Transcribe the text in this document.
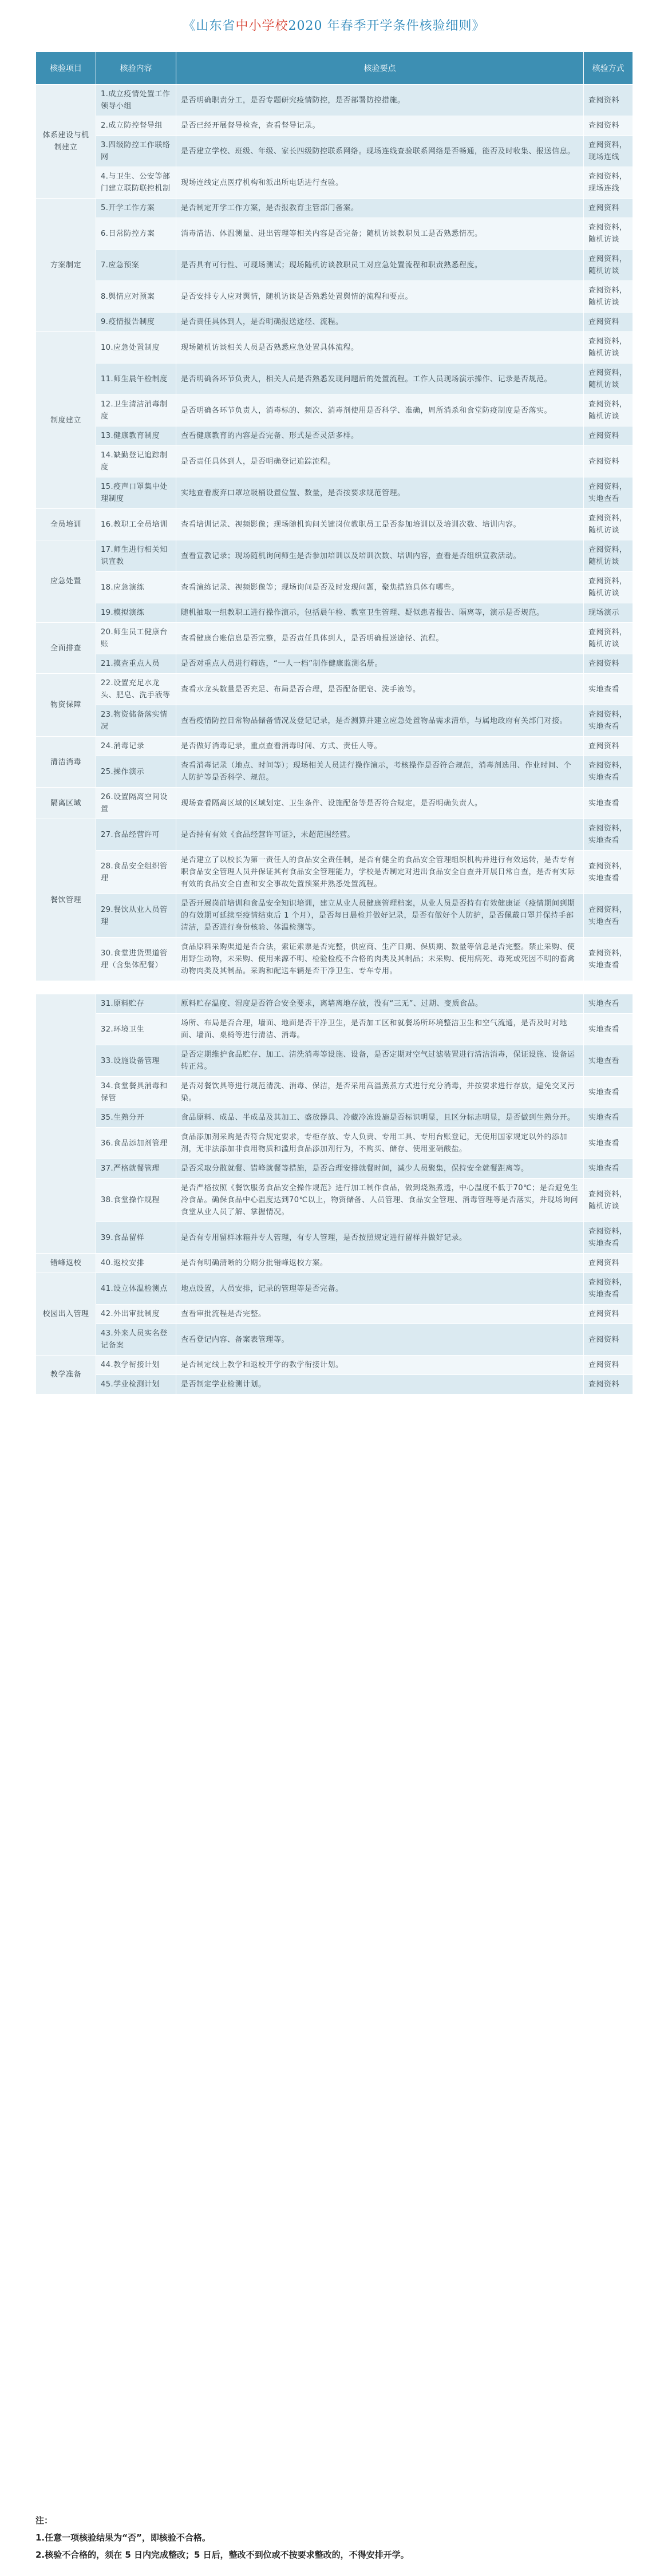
《山东省中小学校2020 年春季开学条件核验细则》
核验项目	核验内容	核验要点	核验方式
体系建设与机制建立	1.成立疫情处置工作领导小组	是否明确职责分工，是否专题研究疫情防控，是否部署防控措施。	查阅资料
	2.成立防控督导组	是否已经开展督导检查，查看督导记录。	查阅资料
	3.四级防控工作联络网	是否建立学校、班级、年级、家长四级防控联系网络。现场连线查验联系网络是否畅通，能否及时收集、报送信息。	查阅资料，现场连线
	4.与卫生、公安等部门建立联防联控机制	现场连线定点医疗机构和派出所电话进行查验。	查阅资料，现场连线
方案制定	5.开学工作方案	是否制定开学工作方案，是否报教育主管部门备案。	查阅资料
	6.日常防控方案	消毒清洁、体温测量、进出管理等相关内容是否完备；随机访谈教职员工是否熟悉情况。	查阅资料，随机访谈
	7.应急预案	是否具有可行性、可现场测试；现场随机访谈教职员工对应急处置流程和职责熟悉程度。	查阅资料，随机访谈
	8.舆情应对预案	是否安排专人应对舆情，随机访谈是否熟悉处置舆情的流程和要点。	查阅资料，随机访谈
	9.疫情报告制度	是否责任具体到人，是否明确报送途径、流程。	查阅资料
制度建立	10.应急处置制度	现场随机访谈相关人员是否熟悉应急处置具体流程。	查阅资料，随机访谈
	11.师生晨午检制度	是否明确各环节负责人，相关人员是否熟悉发现问题后的处置流程。工作人员现场演示操作、记录是否规范。	查阅资料，随机访谈
	12.卫生清洁消毒制度	是否明确各环节负责人，消毒标的、频次、消毒剂使用是否科学、准确，周所消杀和食堂防疫制度是否落实。	查阅资料，随机访谈
	13.健康教育制度	查看健康教育的内容是否完备、形式是否灵活多样。	查阅资料
	14.缺勤登记追踪制度	是否责任具体到人，是否明确登记追踪流程。	查阅资料
	15.疫声口罩集中处理制度	实地查看废弃口罩垃圾桶设置位置、数量，是否按要求规范管理。	查阅资料，实地查看
全员培训	16.教职工全员培训	查看培训记录、视频影像；现场随机询问关键岗位教职员工是否参加培训以及培训次数、培训内容。	查阅资料，随机访谈
应急处置	17.师生进行相关知识宣教	查看宣教记录；现场随机询问师生是否参加培训以及培训次数、培训内容，查看是否组织宣教活动。	查阅资料，随机访谈
	18.应急演练	查看演练记录、视频影像等；现场询问是否及时发现问题，聚焦措施具体有哪些。	查阅资料，随机访谈
	19.模拟演练	随机抽取一组教职工进行操作演示，包括晨午检、教室卫生管理、疑似患者报告、隔离等，演示是否规范。	现场演示
全面排查	20.师生员工健康台账	查看健康台账信息是否完整，是否责任具体到人，是否明确报送途径、流程。	查阅资料，随机访谈
	21.摸查重点人员	是否对重点人员进行筛选，“一人一档”制作健康监测名册。	查阅资料
物资保障	22.设置充足水龙头、肥皂、洗手液等	查看水龙头数量是否充足、布局是否合理，是否配备肥皂、洗手液等。	实地查看
	23.物资储备落实情况	查看疫情防控日常物品储备情况及登记记录，是否测算并建立应急处置物品需求清单，与属地政府有关部门对接。	查阅资料，实地查看
清洁消毒	24.消毒记录	是否做好消毒记录，重点查看消毒时间、方式、责任人等。	查阅资料
	25.操作演示	查看消毒记录（地点、时间等）；现场相关人员进行操作演示，考核操作是否符合规范，消毒剂选用、作业时间、个人防护等是否科学、规范。	查阅资料，实地查看
隔离区域	26.设置隔离空间设置	现场查看隔离区域的区域划定、卫生条件、设施配备等是否符合规定，是否明确负责人。	实地查看
餐饮管理	27.食品经营许可	是否持有有效《食品经营许可证》，未超范围经营。	查阅资料，实地查看
	28.食品安全组织管理	是否建立了以校长为第一责任人的食品安全责任制，是否有健全的食品安全管理组织机构并进行有效运转，是否专有职食品安全管理人员并保证其有食品安全管理能力，学校是否制定对进出食品安全自查并开展日常自查，是否有实际有效的食品安全自查和安全事故处置预案并熟悉处置流程。	查阅资料，实地查看
	29.餐饮从业人员管理	是否开展岗前培训和食品安全知识培训，建立从业人员健康管理档案，从业人员是否持有有效健康证（疫情期间到期的有效期可延续至疫情结束后 1 个月），是否每日晨检并做好记录，是否有做好个人防护，是否佩戴口罩并保持手部清洁，是否进行身份核验、体温检测等。	查阅资料，实地查看
	30.食堂进货渠道管理（含集体配餐）	食品原料采购渠道是否合法，索证索票是否完整，供应商、生产日期、保质期、数量等信息是否完整。禁止采购、使用野生动物，未采购、使用来源不明、检验检疫不合格的肉类及其制品；未采购、使用病死、毒死或死因不明的畜禽动物肉类及其制品。采购和配送车辆是否干净卫生、专车专用。	查阅资料，实地查看

	31.原料贮存	原料贮存温度、湿度是否符合安全要求，离墙离地存放，没有“三无”、过期、变质食品。	实地查看
	32.环境卫生	场所、布局是否合理，墙面、地面是否干净卫生，是否加工区和就餐场所环境整洁卫生和空气流通，是否及时对地面、墙面、桌椅等进行清洁、消毒。	实地查看
	33.设施设备管理	是否定期维护食品贮存、加工、清洗消毒等设施、设备，是否定期对空气过滤装置进行清洁消毒，保证设施、设备运转正常。	实地查看
	34.食堂餐具消毒和保管	是否对餐饮具等进行规范清洗、消毒、保洁，是否采用高温蒸煮方式进行充分消毒，并按要求进行存放，避免交叉污染。	实地查看
	35.生熟分开	食品原料、成品、半成品及其加工、盛放器具、冷藏冷冻设施是否标识明显，且区分标志明显，是否做到生熟分开。	实地查看
	36.食品添加剂管理	食品添加剂采购是否符合规定要求，专柜存放、专人负责、专用工具、专用台账登记，无使用国家规定以外的添加剂，无非法添加非食用物质和滥用食品添加剂行为，不购买、储存、使用亚硝酸盐。	实地查看
	37.严格就餐管理	是否采取分散就餐、错峰就餐等措施，是否合理安排就餐时间，减少人员聚集，保持安全就餐距离等。	实地查看
	38.食堂操作规程	是否严格按照《餐饮服务食品安全操作规范》进行加工制作食品，做到烧熟煮透，中心温度不低于70℃；是否避免生冷食品。确保食品中心温度达到70℃以上，物资储备、人员管理、食品安全管理、消毒管理等是否落实，并现场询问食堂从业人员了解、掌握情况。	查阅资料，随机访谈
	39.食品留样	是否有专用留样冰箱并专人管理，有专人管理，是否按照规定进行留样并做好记录。	查阅资料，实地查看
错峰返校	40.返校安排	是否有明确清晰的分期分批错峰返校方案。	查阅资料
校园出入管理	41.设立体温检测点	地点设置，人员安排，记录的管理等是否完备。	查阅资料，实地查看
	42.外出审批制度	查看审批流程是否完整。	查阅资料
	43.外来人员实名登记备案	查看登记内容、备案表管理等。	查阅资料
教学准备	44.教学衔接计划	是否制定线上教学和返校开学的教学衔接计划。	查阅资料
	45.学业检测计划	是否制定学业检测计划。	查阅资料
注：
1.任意一项核验结果为“否”，即核验不合格。
2.核验不合格的，须在 5 日内完成整改；5 日后，整改不到位或不按要求整改的，不得安排开学。
